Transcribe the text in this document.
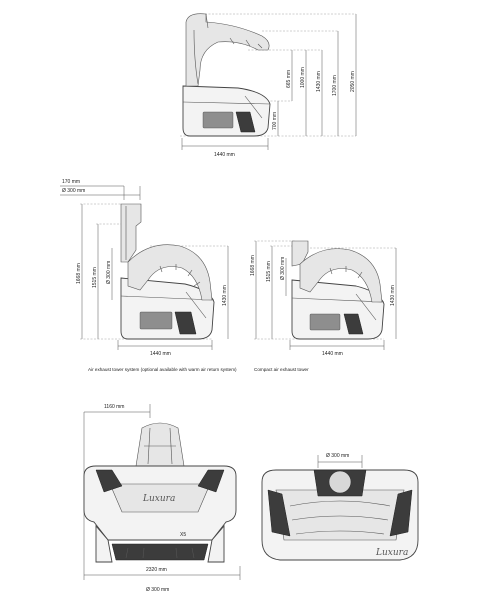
665 mm 1000 mm 1430 mm 1700 mm 2050 mm
700 mm
1440 mm
170 mm
Ø 300 mm
1668 mm 1515 mm Ø 300 mm
1430 mm
1440 mm
Air exhaust tower system (optional available with warm air return system)
1668 mm 1515 mm Ø 300 mm
1430 mm
1440 mm
Compact air exhaust tower
1160 mm
Luxura
X5
2320 mm
Ø 300 mm
Ø 300 mm
Luxura
